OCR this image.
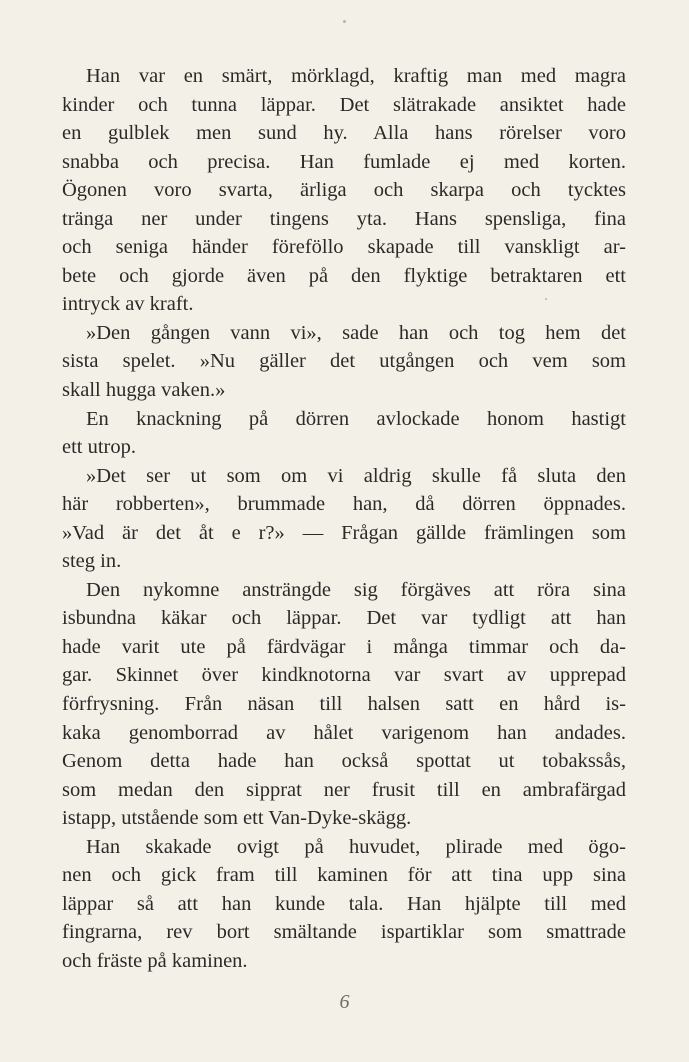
Han var en smärt, mörklagd, kraftig man med magra
kinder och tunna läppar. Det slätrakade ansiktet hade
en gulblek men sund hy. Alla hans rörelser voro
snabba och precisa. Han fumlade ej med korten.
Ögonen voro svarta, ärliga och skarpa och tycktes
tränga ner under tingens yta. Hans spensliga, fina
och seniga händer föreföllo skapade till vanskligt ar-
bete och gjorde även på den flyktige betraktaren ett
intryck av kraft.
»Den gången vann vi», sade han och tog hem det
sista spelet. »Nu gäller det utgången och vem som
skall hugga vaken.»
En knackning på dörren avlockade honom hastigt
ett utrop.
»Det ser ut som om vi aldrig skulle få sluta den
här robberten», brummade han, då dörren öppnades.
»Vad är det åt e r?» — Frågan gällde främlingen som
steg in.
Den nykomne ansträngde sig förgäves att röra sina
isbundna käkar och läppar. Det var tydligt att han
hade varit ute på färdvägar i många timmar och da-
gar. Skinnet över kindknotorna var svart av upprepad
förfrysning. Från näsan till halsen satt en hård is-
kaka genomborrad av hålet varigenom han andades.
Genom detta hade han också spottat ut tobakssås,
som medan den sipprat ner frusit till en ambrafärgad
istapp, utstående som ett Van-Dyke-skägg.
Han skakade ovigt på huvudet, plirade med ögo-
nen och gick fram till kaminen för att tina upp sina
läppar så att han kunde tala. Han hjälpte till med
fingrarna, rev bort smältande ispartiklar som smattrade
och fräste på kaminen.
6
